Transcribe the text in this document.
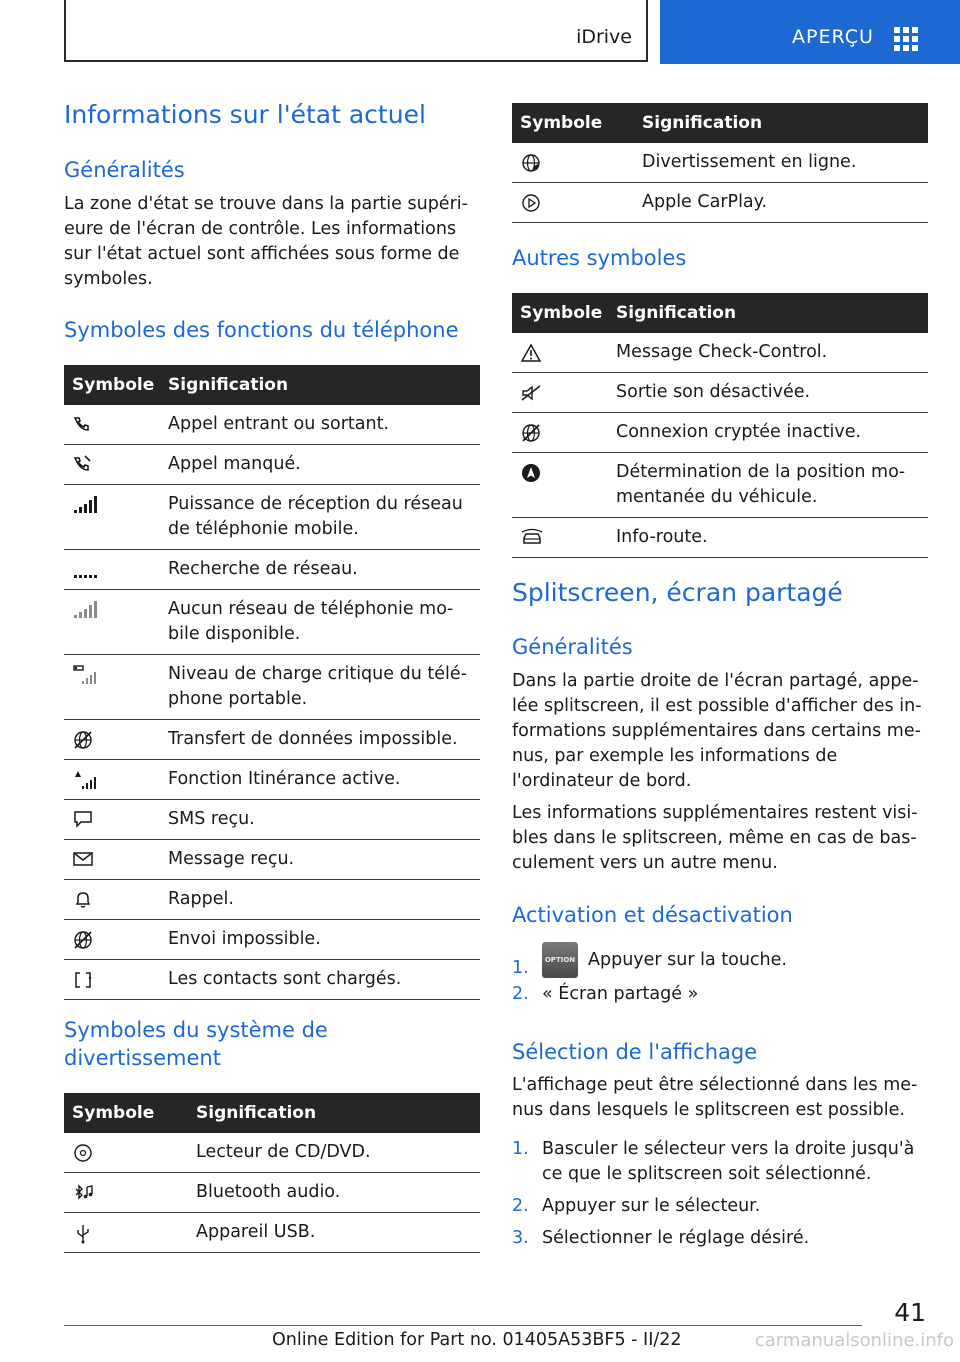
iDrive	APERÇU
Informations sur l'état actuel
Généralités

La zone d'état se trouve dans la partie supérieure de l'écran de contrôle. Les informations sur l'état actuel sont affichées sous forme de symboles.

Symboles des fonctions du téléphone
Symbole	Signification

	Appel entrant ou sortant.

	Appel manqué.

	Puissance de réception du réseau de téléphonie mobile.

	Recherche de réseau.

	Aucun réseau de téléphonie mobile disponible.

	Niveau de charge critique du téléphone portable.

	Transfert de données impossible.

	Fonction Itinérance active.

	SMS reçu.

	Message reçu.

	Rappel.

	Envoi impossible.

	Les contacts sont chargés.
Symboles du système de divertissement
Symbole	Signification

	Lecteur de CD/DVD.

	Bluetooth audio.

	Appareil USB.
Symbole	Signification

	Divertissement en ligne.

	Apple CarPlay.
Autres symboles
Symbole	Signification

	Message Check-Control.

	Sortie son désactivée.

	Connexion cryptée inactive.

	Détermination de la position momentanée du véhicule.

	Info-route.
Splitscreen, écran partagé
Généralités

Dans la partie droite de l'écran partagé, appelée splitscreen, il est possible d'afficher des informations supplémentaires dans certains menus, par exemple les informations de l'ordinateur de bord.

Les informations supplémentaires restent visibles dans le splitscreen, même en cas de basculement vers un autre menu.

Activation et désactivation
1. OPTION Appuyer sur la touche.
2. « Écran partagé »
Sélection de l'affichage

L'affichage peut être sélectionné dans les menus dans lesquels le splitscreen est possible.

1. Basculer le sélecteur vers la droite jusqu'à ce que le splitscreen soit sélectionné.
2. Appuyer sur le sélecteur.
3. Sélectionner le réglage désiré.
41
Online Edition for Part no. 01405A53BF5 - II/22	carmanualsonline.info
